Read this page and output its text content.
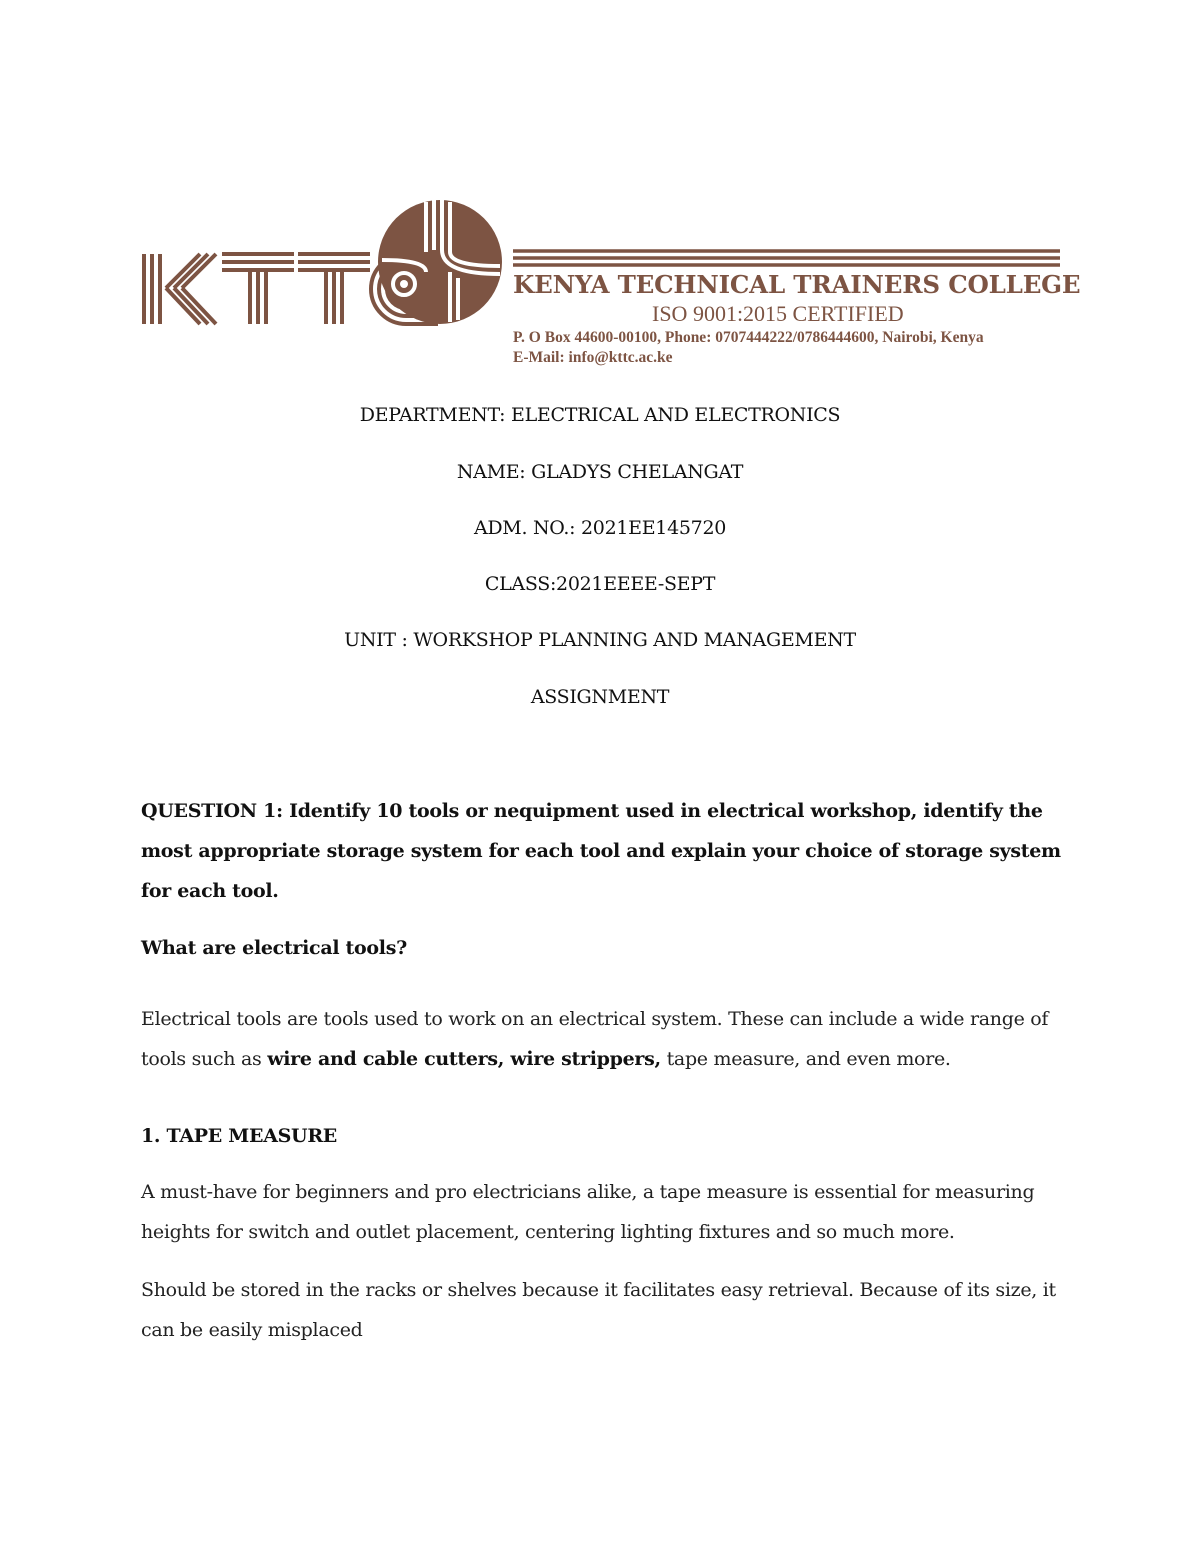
KENYA TECHNICAL TRAINERS COLLEGE
ISO 9001:2015 CERTIFIED
P. O Box 44600-00100, Phone: 0707444222/0786444600, Nairobi, Kenya
E-Mail: info@kttc.ac.ke
DEPARTMENT: ELECTRICAL AND ELECTRONICS
NAME: GLADYS CHELANGAT
ADM. NO.: 2021EE145720
CLASS:2021EEEE-SEPT
UNIT : WORKSHOP PLANNING AND MANAGEMENT
ASSIGNMENT
QUESTION 1: Identify 10 tools or nequipment used in electrical workshop, identify the most appropriate storage system for each tool and explain your choice of storage system for each tool.
What are electrical tools?
Electrical tools are tools used to work on an electrical system. These can include a wide range of tools such as wire and cable cutters, wire strippers, tape measure, and even more.
1. TAPE MEASURE
A must-have for beginners and pro electricians alike, a tape measure is essential for measuring heights for switch and outlet placement, centering lighting fixtures and so much more.
Should be stored in the racks or shelves because it facilitates easy retrieval. Because of its size, it can be easily misplaced
